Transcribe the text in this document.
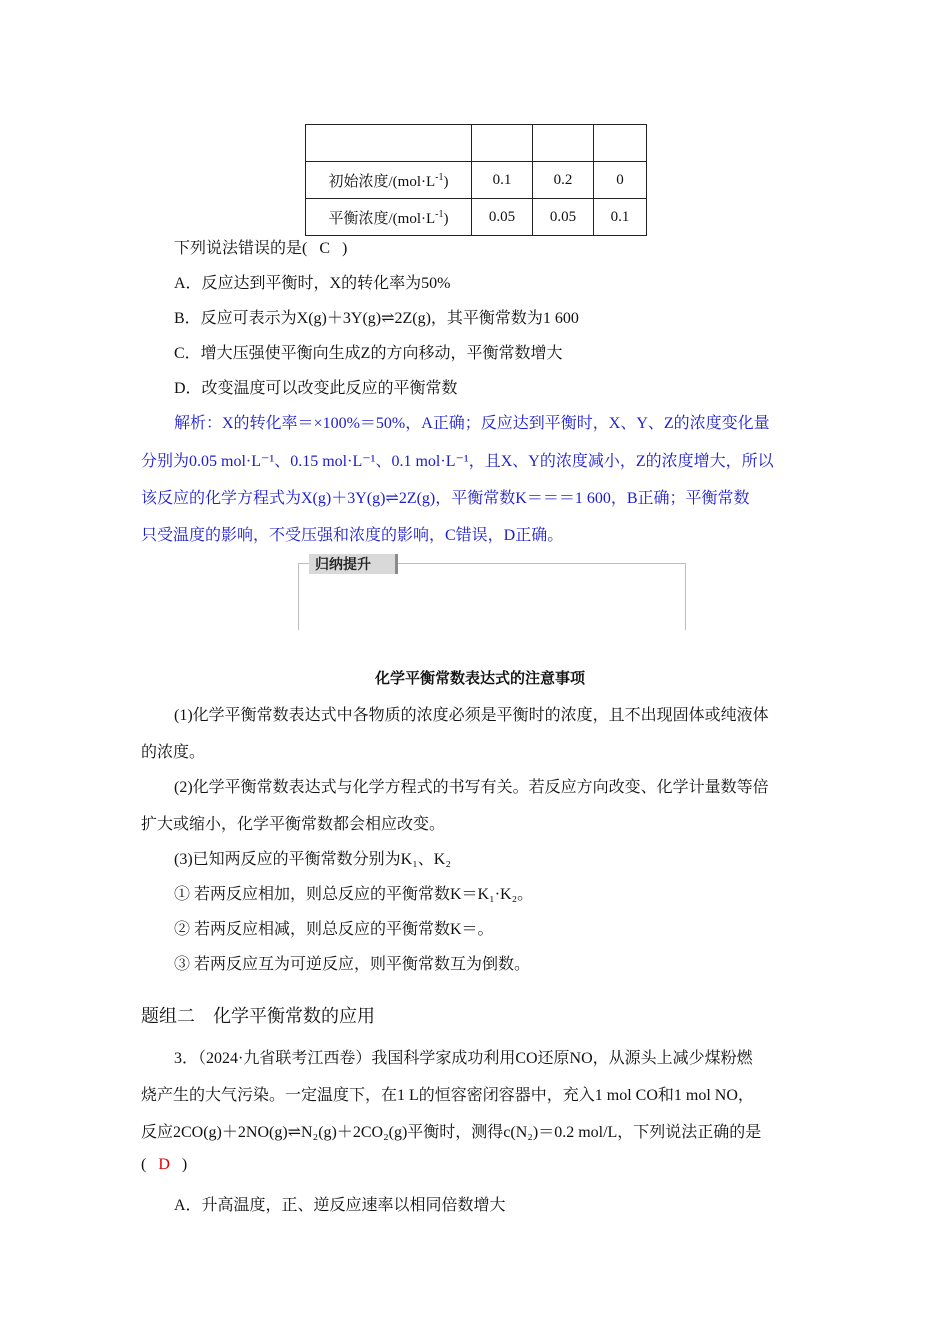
初始浓度$/(mol\cdot L^{-1})$	0.1	0.2	0
平衡浓度$/(mol\cdot L^{-1})$	0.05	0.05	0.1
下列说法错误的是( C )
A．反应达到平衡时，X的转化率为50%
B．反应可表示为X(g)＋3Y(g)⇌2Z(g)，其平衡常数为1 600
C．增大压强使平衡向生成Z的方向移动，平衡常数增大
D．改变温度可以改变此反应的平衡常数
解析：X的转化率＝×100%＝50%，A正确；反应达到平衡时，X、Y、Z的浓度变化量
分别为0.05 mol·L⁻¹、0.15 mol·L⁻¹、0.1 mol·L⁻¹，且X、Y的浓度减小，Z的浓度增大，所以
该反应的化学方程式为X(g)＋3Y(g)⇌2Z(g)，平衡常数K＝＝＝1 600，B正确；平衡常数
只受温度的影响，不受压强和浓度的影响，C错误，D正确。
归纳提升
化学平衡常数表达式的注意事项
(1)化学平衡常数表达式中各物质的浓度必须是平衡时的浓度，且不出现固体或纯液体
的浓度。
(2)化学平衡常数表达式与化学方程式的书写有关。若反应方向改变、化学计量数等倍
扩大或缩小，化学平衡常数都会相应改变。
(3)已知两反应的平衡常数分别为K₁、K₂
① 若两反应相加，则总反应的平衡常数K＝K₁·K₂。
② 若两反应相减，则总反应的平衡常数K＝。
③ 若两反应互为可逆反应，则平衡常数互为倒数。
题组二　化学平衡常数的应用
3．（2024·九省联考江西卷）我国科学家成功利用CO还原NO，从源头上减少煤粉燃
烧产生的大气污染。一定温度下，在1 L的恒容密闭容器中，充入1 mol CO和1 mol NO，
反应2CO(g)＋2NO(g)⇌N₂(g)＋2CO₂(g)平衡时，测得c(N₂)＝0.2 mol/L，下列说法正确的是
( D )
A．升高温度，正、逆反应速率以相同倍数增大
